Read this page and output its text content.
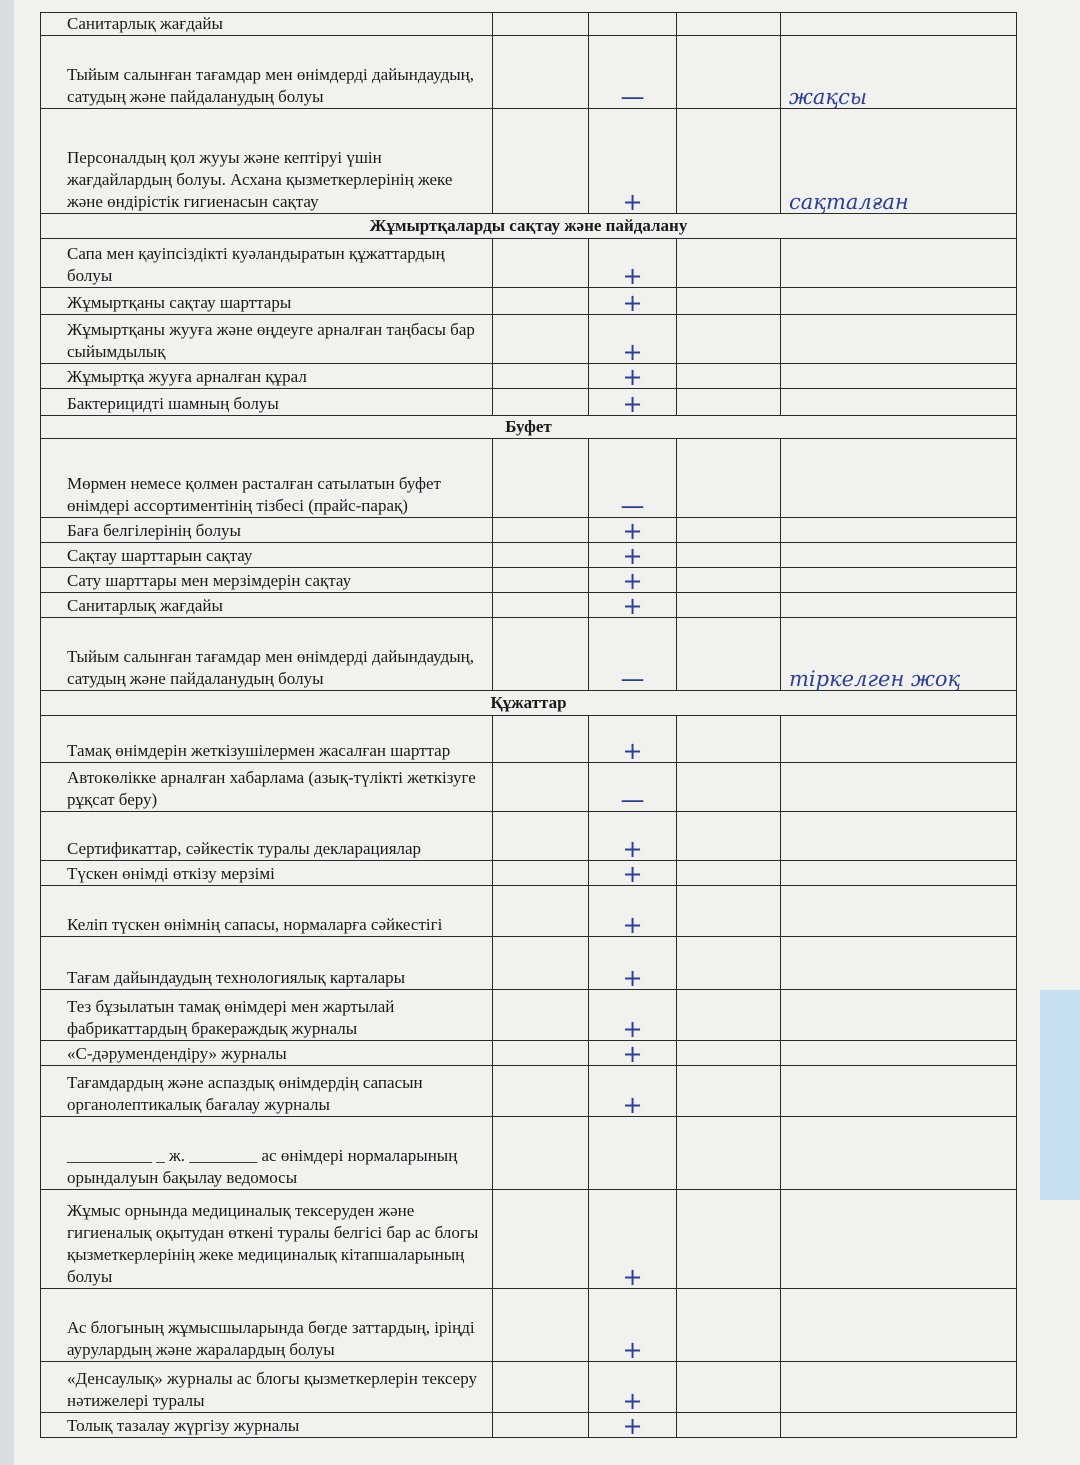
Санитарлық жағдайы				
Тыйым салынған тағамдар мен өнімдерді дайындаудың, сатудың және пайдаланудың болуы		—		жақсы
Персоналдың қол жууы және кептіруі үшін жағдайлардың болуы. Асхана қызметкерлерінің жеке және өндірістік гигиенасын сақтау		+		сақталған
Жұмыртқаларды сақтау және пайдалану				
Сапа мен қауіпсіздікті куәландыратын құжаттардың болуы		+		
Жұмыртқаны сақтау шарттары		+		
Жұмыртқаны жууға және өңдеуге арналған таңбасы бар сыйымдылық		+		
Жұмыртқа жууға арналған құрал		+		
Бактерицидті шамның болуы		+		
Буфет				
Мөрмен немесе қолмен расталған сатылатын буфет өнімдері ассортиментінің тізбесі (прайс-парақ)		—		
Баға белгілерінің болуы		+		
Сақтау шарттарын сақтау		+		
Сату шарттары мен мерзімдерін сақтау		+		
Санитарлық жағдайы		+		
Тыйым салынған тағамдар мен өнімдерді дайындаудың, сатудың және пайдаланудың болуы		—		тіркелген жоқ
Құжаттар				
Тамақ өнімдерін жеткізушілермен жасалған шарттар		+		
Автокөлікке арналған хабарлама (азық-түлікті жеткізуге рұқсат беру)		—		
Сертификаттар, сәйкестік туралы декларациялар		+		
Түскен өнімді өткізу мерзімі		+		
Келіп түскен өнімнің сапасы, нормаларға сәйкестігі		+		
Тағам дайындаудың технологиялық карталары		+		
Тез бұзылатын тамақ өнімдері мен жартылай фабрикаттардың бракераждық журналы		+		
«С-дәрумендендіру» журналы		+		
Тағамдардың және аспаздық өнімдердің сапасын органолептикалық бағалау журналы		+		
__________ _ ж. ________ ас өнімдері нормаларының орындалуын бақылау ведомосы				
Жұмыс орнында медициналық тексеруден және гигиеналық оқытудан өткені туралы белгісі бар ас блогы қызметкерлерінің жеке медициналық кітапшаларының болуы		+		
Ас блогының жұмысшыларында бөгде заттардың, іріңді аурулардың және жаралардың болуы		+		
«Денсаулық» журналы ас блогы қызметкерлерін тексеру нәтижелері туралы		+		
Толық тазалау жүргізу журналы		+		
